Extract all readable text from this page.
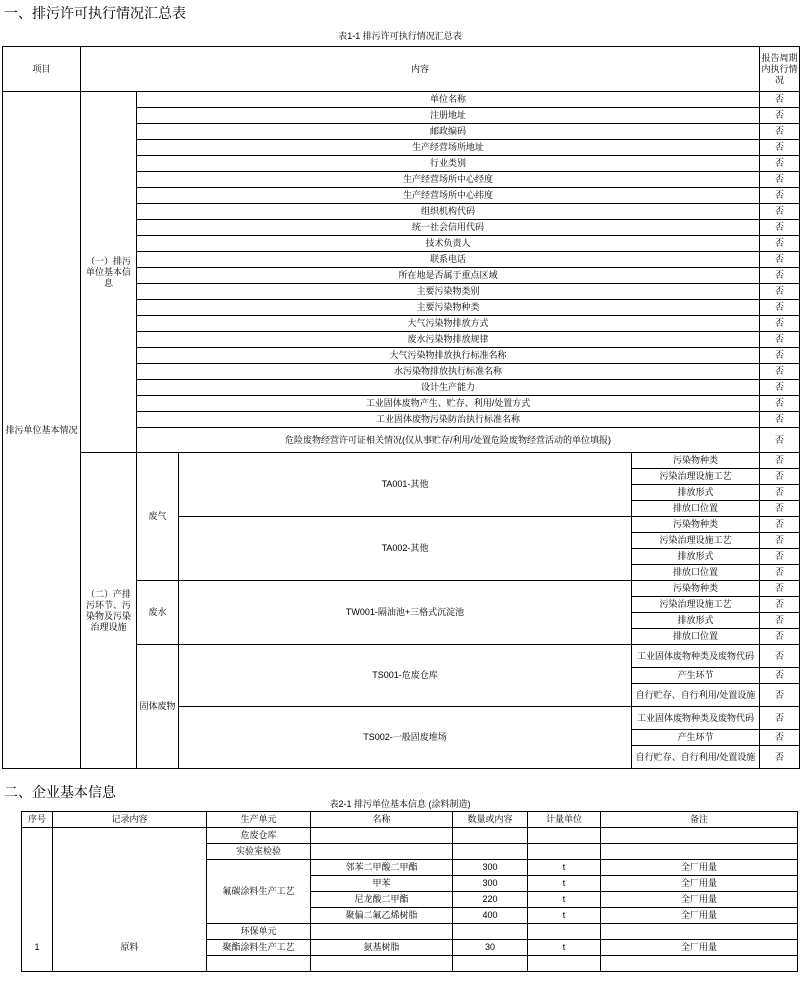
一、排污许可执行情况汇总表
表1-1 排污许可执行情况汇总表
项目	内容				报告周期内执行情况	
排污单位基本情况	（一）排污单位基本信息	单位名称			否	
		注册地址			否	
		邮政编码			否	
		生产经营场所地址			否	
		行业类别			否	
		生产经营场所中心经度			否	
		生产经营场所中心纬度			否	
		组织机构代码			否	
		统一社会信用代码			否	
		技术负责人			否	
		联系电话			否	
		所在地是否属于重点区域			否	
		主要污染物类别			否	
		主要污染物种类			否	
		大气污染物排放方式			否	
		废水污染物排放规律			否	
		大气污染物排放执行标准名称			否	
		水污染物排放执行标准名称			否	
		设计生产能力			否	
		工业固体废物产生、贮存、利用/处置方式			否	
		工业固体废物污染防治执行标准名称			否	
		危险废物经营许可证相关情况(仅从事贮存/利用/处置危险废物经营活动的单位填报)			否	
	（二）产排污环节、污染物及污染治理设施	废气	TA001-其他	污染物种类	否	
				污染治理设施工艺	否	
				排放形式	否	
				排放口位置	否	
			TA002-其他	污染物种类	否	
				污染治理设施工艺	否	
				排放形式	否	
				排放口位置	否	
		废水	TW001-隔油池+三格式沉淀池	污染物种类	否	
				污染治理设施工艺	否	
				排放形式	否	
				排放口位置	否	
		固体废物	TS001-危废仓库	工业固体废物种类及废物代码	否	
				产生环节	否	
				自行贮存、自行利用/处置设施	否	
			TS002-一般固废堆场	工业固体废物种类及废物代码	否	
				产生环节	否	
				自行贮存、自行利用/处置设施	否	
二、企业基本信息
表2-1 排污单位基本信息 (涂料制造)
序号	记录内容	生产单元	名称	数量或内容	计量单位	备注
1	原料	危废仓库				
		实验室检验				
		氟碳涂料生产工艺	邻苯二甲酸二甲酯	300	t	全厂用量
			甲苯	300	t	全厂用量
			尼龙酸二甲酯	220	t	全厂用量
			聚偏二氟乙烯树脂	400	t	全厂用量
		环保单元				
		聚酯涂料生产工艺	氨基树脂	30	t	全厂用量
